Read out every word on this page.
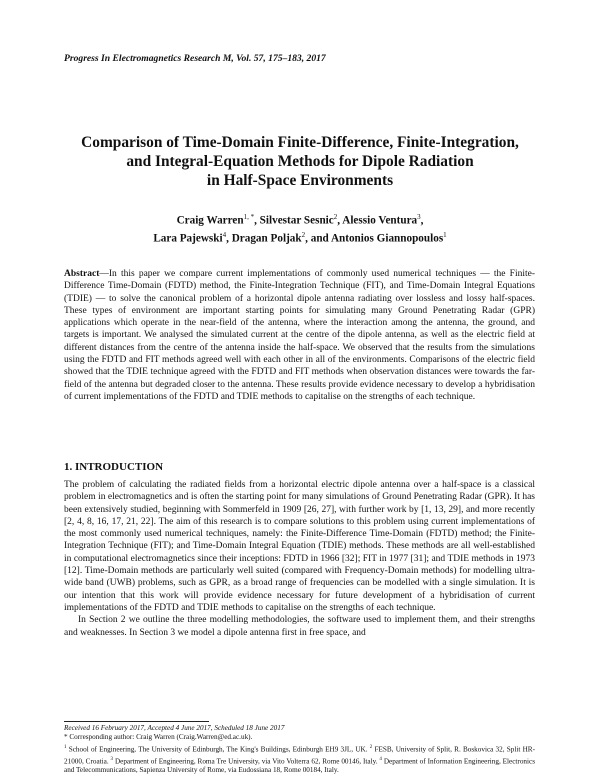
Progress In Electromagnetics Research M, Vol. 57, 175–183, 2017
Comparison of Time-Domain Finite-Difference, Finite-Integration,
and Integral-Equation Methods for Dipole Radiation
in Half-Space Environments
Craig Warren$^{1, *}$, Silvestar Sesnic$^2$, Alessio Ventura$^3$,
Lara Pajewski$^4$, Dragan Poljak$^2$, and Antonios Giannopoulos$^1$
Abstract—In this paper we compare current implementations of commonly used numerical techniques — the Finite-Difference Time-Domain (FDTD) method, the Finite-Integration Technique (FIT), and Time-Domain Integral Equations (TDIE) — to solve the canonical problem of a horizontal dipole antenna radiating over lossless and lossy half-spaces. These types of environment are important starting points for simulating many Ground Penetrating Radar (GPR) applications which operate in the near-field of the antenna, where the interaction among the antenna, the ground, and targets is important. We analysed the simulated current at the centre of the dipole antenna, as well as the electric field at different distances from the centre of the antenna inside the half-space. We observed that the results from the simulations using the FDTD and FIT methods agreed well with each other in all of the environments. Comparisons of the electric field showed that the TDIE technique agreed with the FDTD and FIT methods when observation distances were towards the far-field of the antenna but degraded closer to the antenna. These results provide evidence necessary to develop a hybridisation of current implementations of the FDTD and TDIE methods to capitalise on the strengths of each technique.
1. INTRODUCTION

The problem of calculating the radiated fields from a horizontal electric dipole antenna over a half-space is a classical problem in electromagnetics and is often the starting point for many simulations of Ground Penetrating Radar (GPR). It has been extensively studied, beginning with Sommerfeld in 1909 [26, 27], with further work by [1, 13, 29], and more recently [2, 4, 8, 16, 17, 21, 22]. The aim of this research is to compare solutions to this problem using current implementations of the most commonly used numerical techniques, namely: the Finite-Difference Time-Domain (FDTD) method; the Finite-Integration Technique (FIT); and Time-Domain Integral Equation (TDIE) methods. These methods are all well-established in computational electromagnetics since their inceptions: FDTD in 1966 [32]; FIT in 1977 [31]; and TDIE methods in 1973 [12]. Time-Domain methods are particularly well suited (compared with Frequency-Domain methods) for modelling ultra-wide band (UWB) problems, such as GPR, as a broad range of frequencies can be modelled with a single simulation. It is our intention that this work will provide evidence necessary for future development of a hybridisation of current implementations of the FDTD and TDIE methods to capitalise on the strengths of each technique.

In Section 2 we outline the three modelling methodologies, the software used to implement them, and their strengths and weaknesses. In Section 3 we model a dipole antenna first in free space, and

Received 16 February 2017, Accepted 4 June 2017, Scheduled 18 June 2017
* Corresponding author: Craig Warren (Craig.Warren@ed.ac.uk).
$^1$ School of Engineering, The University of Edinburgh, The King's Buildings, Edinburgh EH9 3JL, UK. $^2$ FESB, University of Split, R. Boskovica 32, Split HR-21000, Croatia. $^3$ Department of Engineering, Roma Tre University, via Vito Volterra 62, Rome 00146, Italy. $^4$ Department of Information Engineering, Electronics and Telecommunications, Sapienza University of Rome, via Eudossiana 18, Rome 00184, Italy.
